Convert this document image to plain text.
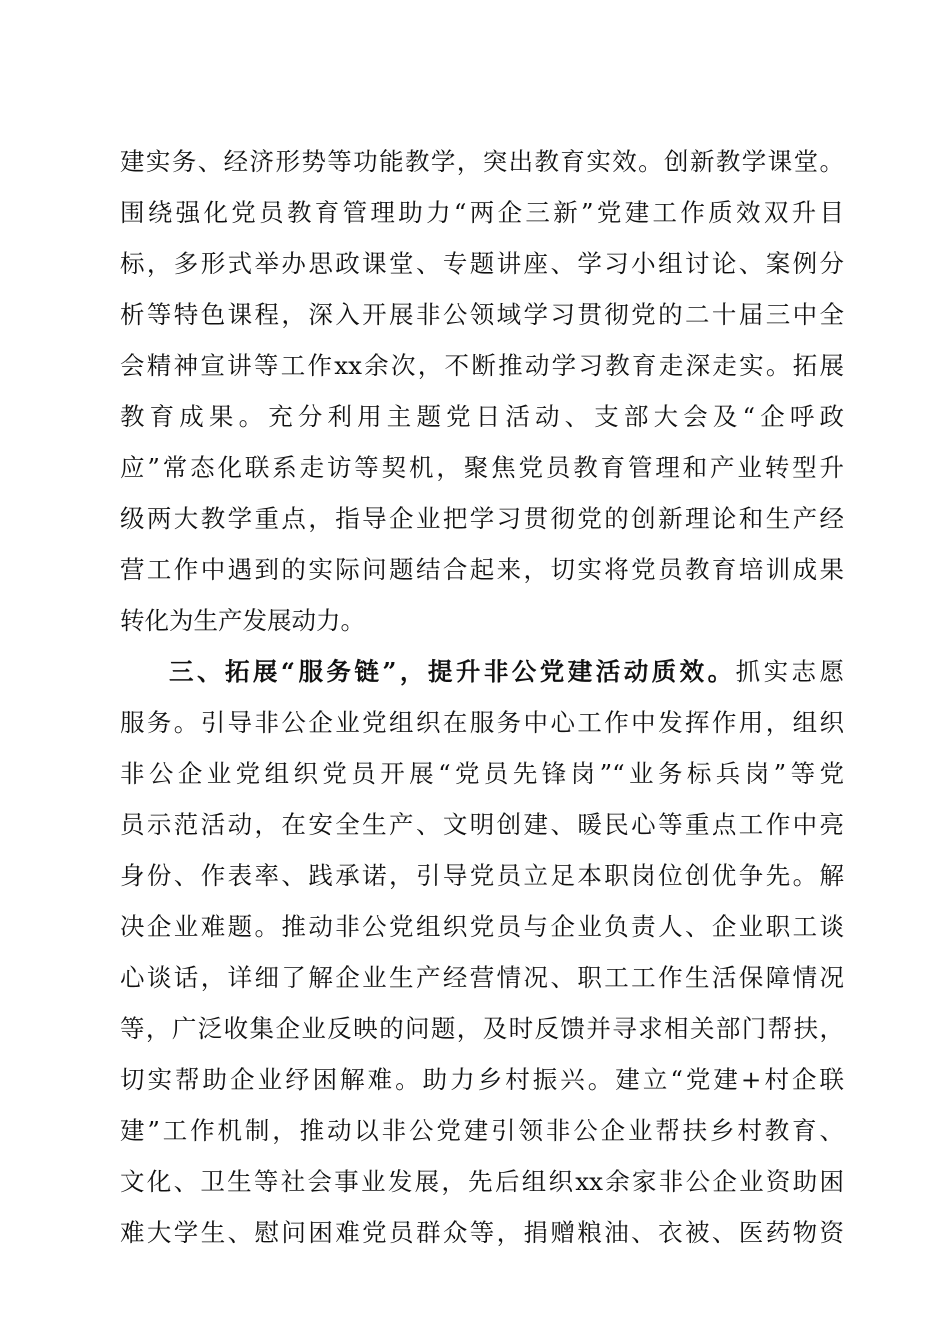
建实务、经济形势等功能教学，突出教育实效。创新教学课堂。
围绕强化党员教育管理助力“两企三新”党建工作质效双升目
标，多形式举办思政课堂、专题讲座、学习小组讨论、案例分
析等特色课程，深入开展非公领域学习贯彻党的二十届三中全
会精神宣讲等工作xx余次，不断推动学习教育走深走实。拓展
教育成果。充分利用主题党日活动、支部大会及“企呼政
应”常态化联系走访等契机，聚焦党员教育管理和产业转型升
级两大教学重点，指导企业把学习贯彻党的创新理论和生产经
营工作中遇到的实际问题结合起来，切实将党员教育培训成果
转化为生产发展动力。
三、拓展“服务链”，提升非公党建活动质效。抓实志愿
服务。引导非公企业党组织在服务中心工作中发挥作用，组织
非公企业党组织党员开展“党员先锋岗”“业务标兵岗”等党
员示范活动，在安全生产、文明创建、暖民心等重点工作中亮
身份、作表率、践承诺，引导党员立足本职岗位创优争先。解
决企业难题。推动非公党组织党员与企业负责人、企业职工谈
心谈话，详细了解企业生产经营情况、职工工作生活保障情况
等，广泛收集企业反映的问题，及时反馈并寻求相关部门帮扶，
切实帮助企业纾困解难。助力乡村振兴。建立“党建+村企联
建”工作机制，推动以非公党建引领非公企业帮扶乡村教育、
文化、卫生等社会事业发展，先后组织xx余家非公企业资助困
难大学生、慰问困难党员群众等，捐赠粮油、衣被、医药物资
